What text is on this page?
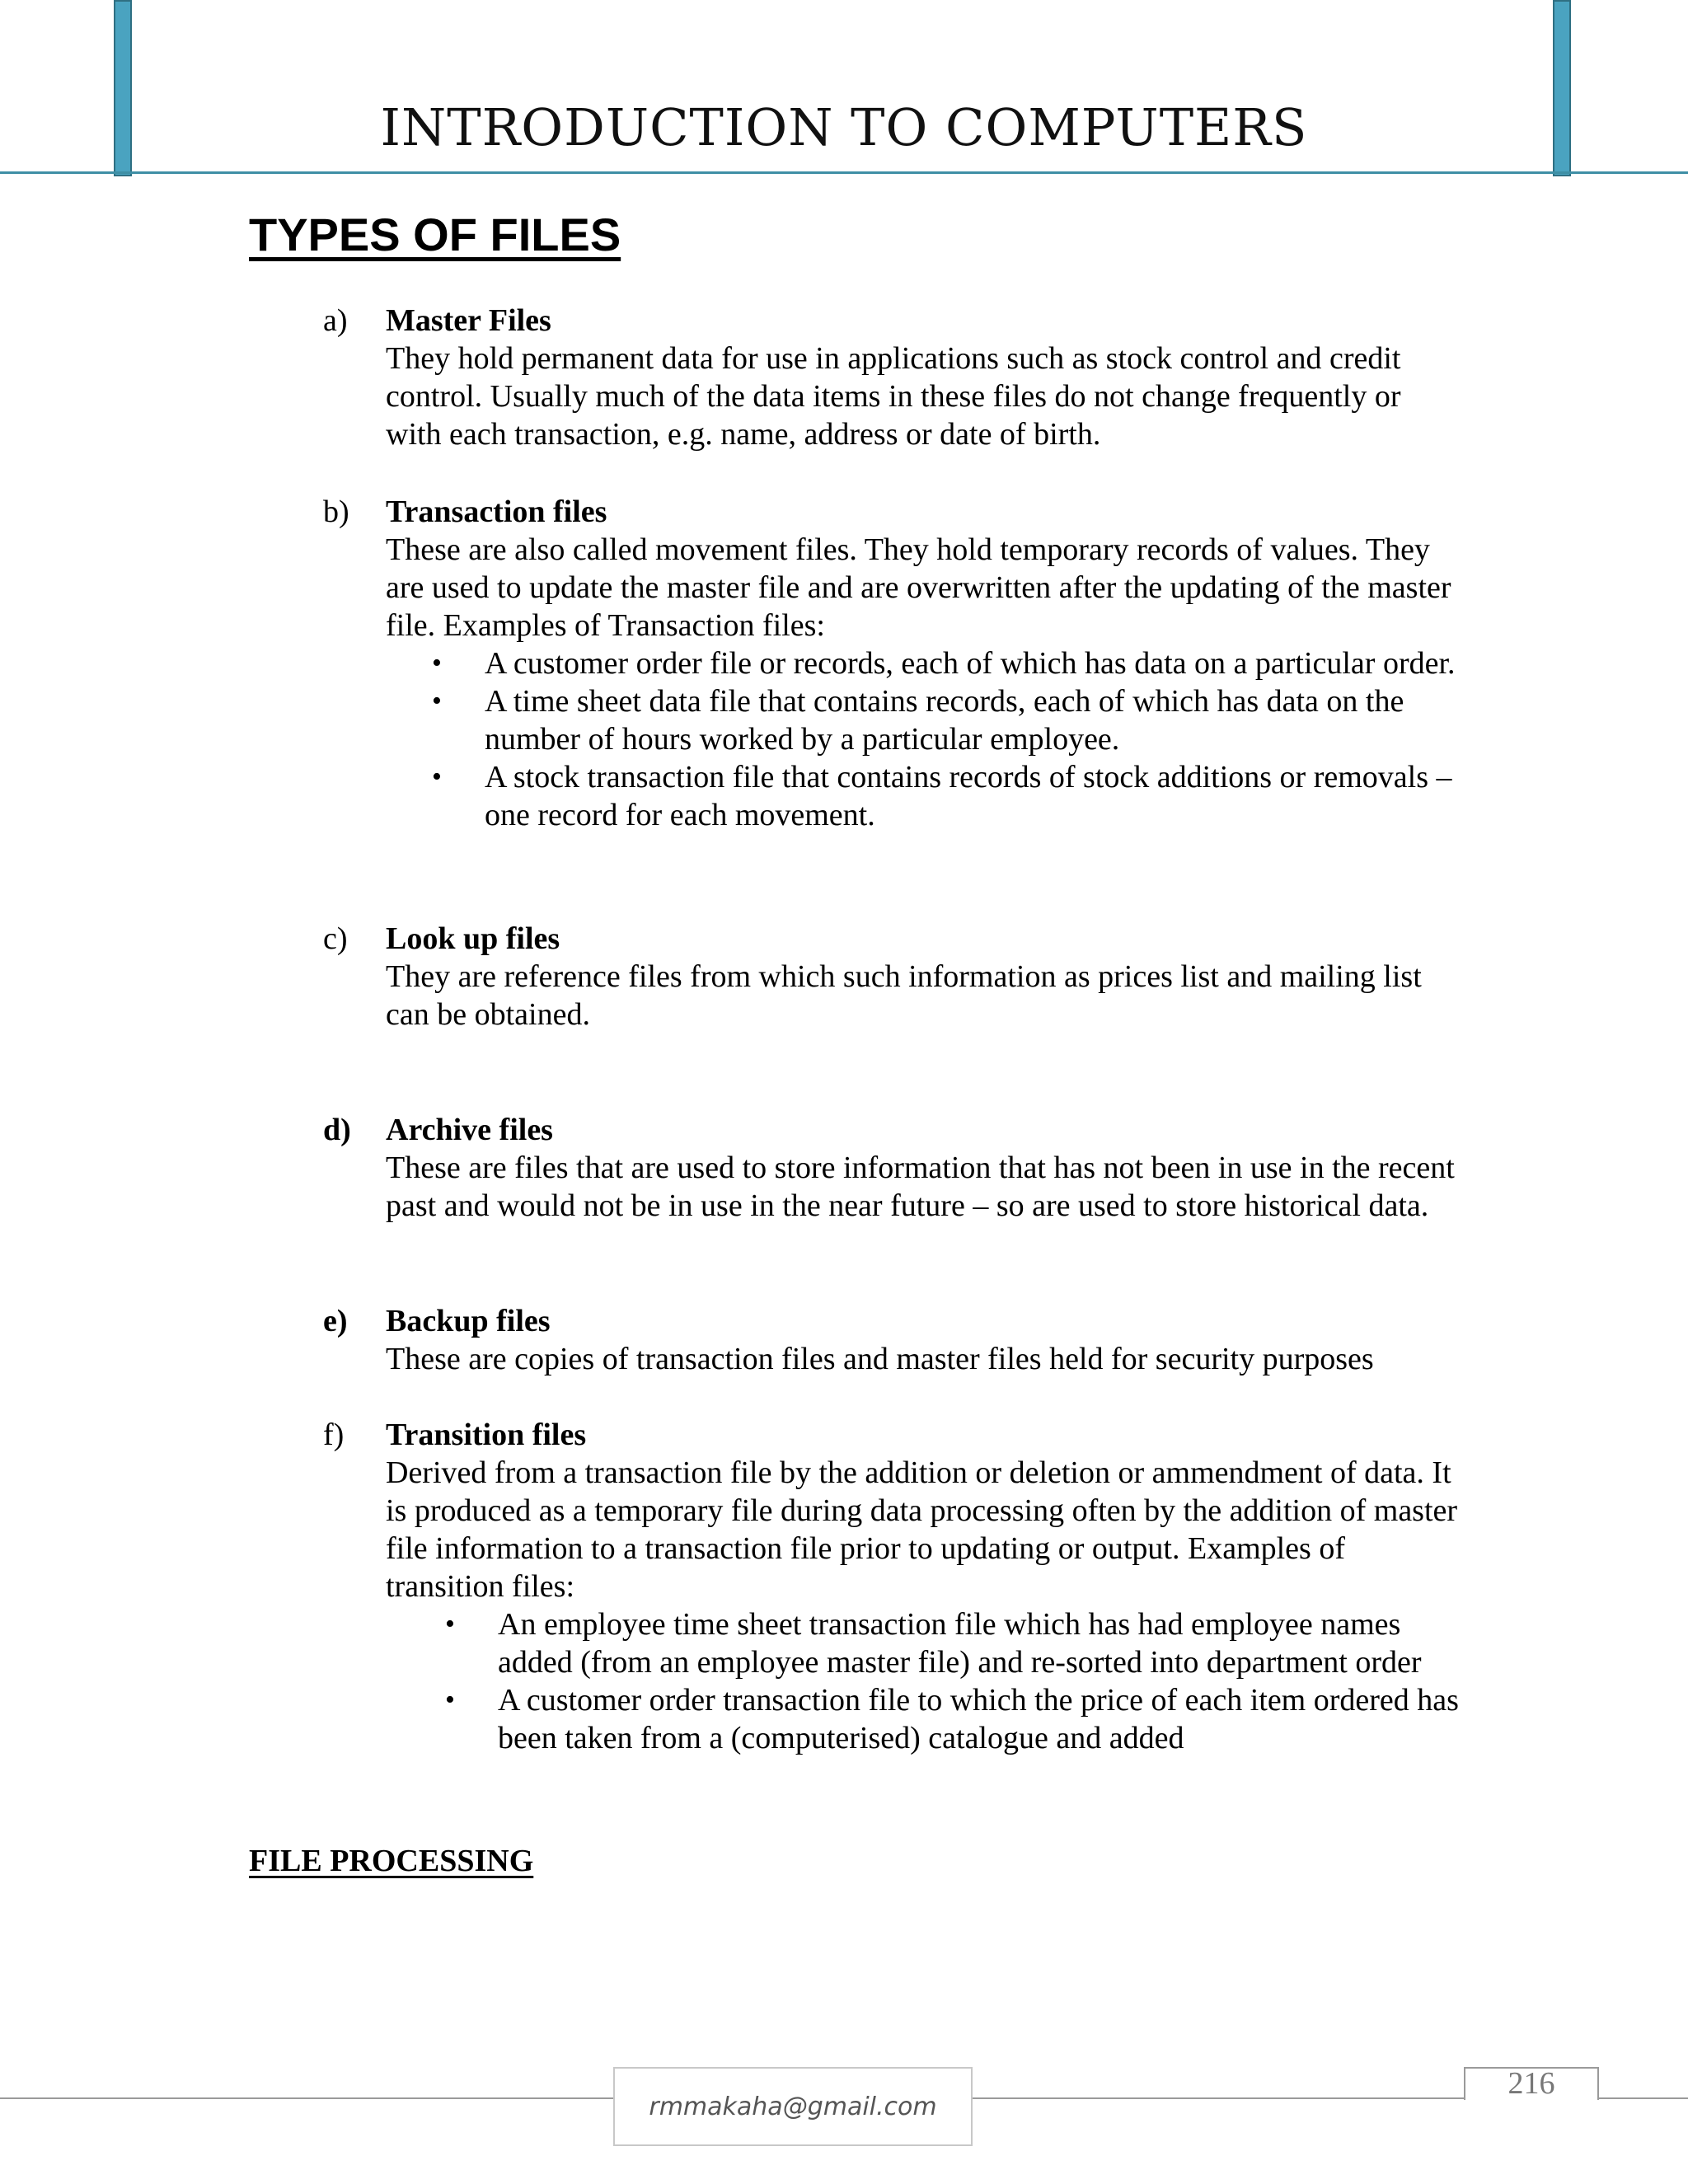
INTRODUCTION TO COMPUTERS
TYPES OF FILES
a)	Master Files
They hold permanent data for use in applications such as stock control and credit control. Usually much of the data items in these files do not change frequently or with each transaction, e.g. name, address or date of birth.
b)	Transaction files
These are also called movement files. They hold temporary records of values. They are used to update the master file and are overwritten after the updating of the master file. Examples of Transaction files:
• A customer order file or records, each of which has data on a particular order.
• A time sheet data file that contains records, each of which has data on the number of hours worked by a particular employee.
• A stock transaction file that contains records of stock additions or removals – one record for each movement.
c)	Look up files
They are reference files from which such information as prices list and mailing list can be obtained.
d)	Archive files
These are files that are used to store information that has not been in use in the recent past and would not be in use in the near future – so are used to store historical data.
e)	Backup files
These are copies of transaction files and master files held for security purposes
f)	Transition files
Derived from a transaction file by the addition or deletion or ammendment of data. It is produced as a temporary file during data processing often by the addition of master file information to a transaction file prior to updating or output. Examples of transition files:
• An employee time sheet transaction file which has had employee names added (from an employee master file) and re-sorted into department order
• A customer order transaction file to which the price of each item ordered has been taken from a (computerised) catalogue and added
FILE PROCESSING
rmmakaha@gmail.com
216
